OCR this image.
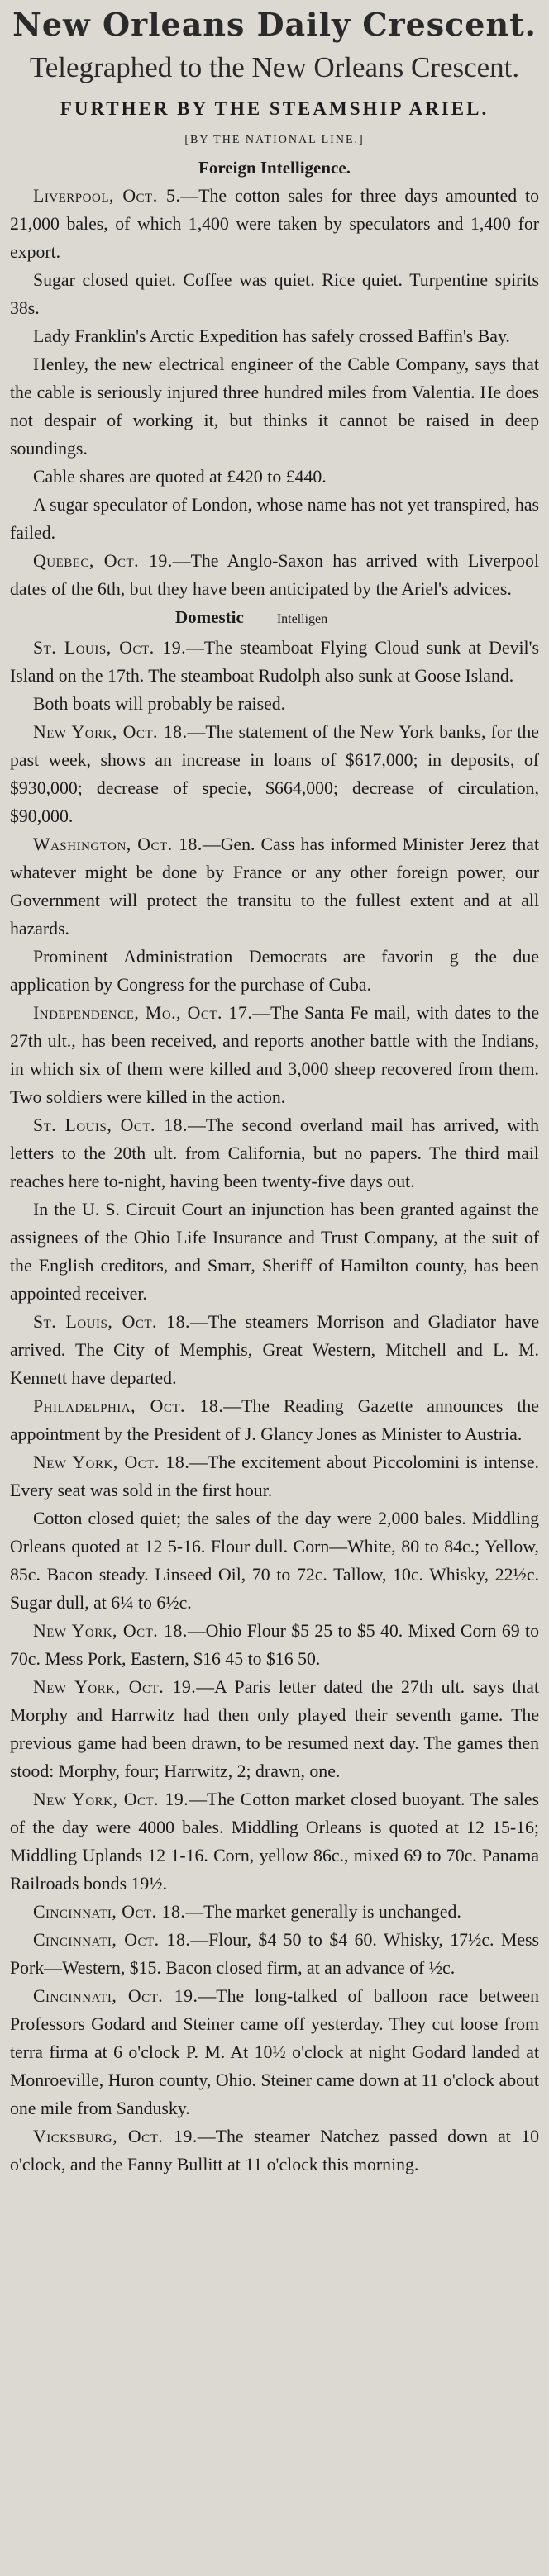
New Orleans Daily Crescent.
Telegraphed to the New Orleans Crescent.
FURTHER BY THE STEAMSHIP ARIEL.
[BY THE NATIONAL LINE.]
Foreign Intelligence.

Liverpool, Oct. 5.—The cotton sales for three days amounted to 21,000 bales, of which 1,400 were taken by speculators and 1,400 for export.

Sugar closed quiet. Coffee was quiet. Rice quiet. Turpentine spirits 38s.

Lady Franklin's Arctic Expedition has safely crossed Baffin's Bay.

Henley, the new electrical engineer of the Cable Company, says that the cable is seriously injured three hundred miles from Valentia. He does not despair of working it, but thinks it cannot be raised in deep soundings.

Cable shares are quoted at £420 to £440.

A sugar speculator of London, whose name has not yet transpired, has failed.

Quebec, Oct. 19.—The Anglo-Saxon has arrived with Liverpool dates of the 6th, but they have been anticipated by the Ariel's advices.

Domestic	Intelligen

St. Louis, Oct. 19.—The steamboat Flying Cloud sunk at Devil's Island on the 17th. The steamboat Rudolph also sunk at Goose Island.

Both boats will probably be raised.

New York, Oct. 18.—The statement of the New York banks, for the past week, shows an increase in loans of $617,000; in deposits, of $930,000; decrease of specie, $664,000; decrease of circulation, $90,000.

Washington, Oct. 18.—Gen. Cass has informed Minister Jerez that whatever might be done by France or any other foreign power, our Government will protect the transitu to the fullest extent and at all hazards.

Prominent Administration Democrats are favorin g the due application by Congress for the purchase of Cuba.

Independence, Mo., Oct. 17.—The Santa Fe mail, with dates to the 27th ult., has been received, and reports another battle with the Indians, in which six of them were killed and 3,000 sheep recovered from them. Two soldiers were killed in the action.

St. Louis, Oct. 18.—The second overland mail has arrived, with letters to the 20th ult. from California, but no papers. The third mail reaches here to-night, having been twenty-five days out.

In the U. S. Circuit Court an injunction has been granted against the assignees of the Ohio Life Insurance and Trust Company, at the suit of the English creditors, and Smarr, Sheriff of Hamilton county, has been appointed receiver.

St. Louis, Oct. 18.—The steamers Morrison and Gladiator have arrived. The City of Memphis, Great Western, Mitchell and L. M. Kennett have departed.

Philadelphia, Oct. 18.—The Reading Gazette announces the appointment by the President of J. Glancy Jones as Minister to Austria.

New York, Oct. 18.—The excitement about Piccolomini is intense. Every seat was sold in the first hour.

Cotton closed quiet; the sales of the day were 2,000 bales. Middling Orleans quoted at 12 5-16. Flour dull. Corn—White, 80 to 84c.; Yellow, 85c. Bacon steady. Linseed Oil, 70 to 72c. Tallow, 10c. Whisky, 22½c. Sugar dull, at 6¼ to 6½c.

New York, Oct. 18.—Ohio Flour $5 25 to $5 40. Mixed Corn 69 to 70c. Mess Pork, Eastern, $16 45 to $16 50.

New York, Oct. 19.—A Paris letter dated the 27th ult. says that Morphy and Harrwitz had then only played their seventh game. The previous game had been drawn, to be resumed next day. The games then stood: Morphy, four; Harrwitz, 2; drawn, one.

New York, Oct. 19.—The Cotton market closed buoyant. The sales of the day were 4000 bales. Middling Orleans is quoted at 12 15-16; Middling Uplands 12 1-16. Corn, yellow 86c., mixed 69 to 70c. Panama Railroads bonds 19½.

Cincinnati, Oct. 18.—The market generally is unchanged.

Cincinnati, Oct. 18.—Flour, $4 50 to $4 60. Whisky, 17½c. Mess Pork—Western, $15. Bacon closed firm, at an advance of ½c.

Cincinnati, Oct. 19.—The long-talked of balloon race between Professors Godard and Steiner came off yesterday. They cut loose from terra firma at 6 o'clock P. M. At 10½ o'clock at night Godard landed at Monroeville, Huron county, Ohio. Steiner came down at 11 o'clock about one mile from Sandusky.

Vicksburg, Oct. 19.—The steamer Natchez passed down at 10 o'clock, and the Fanny Bullitt at 11 o'clock this morning.
